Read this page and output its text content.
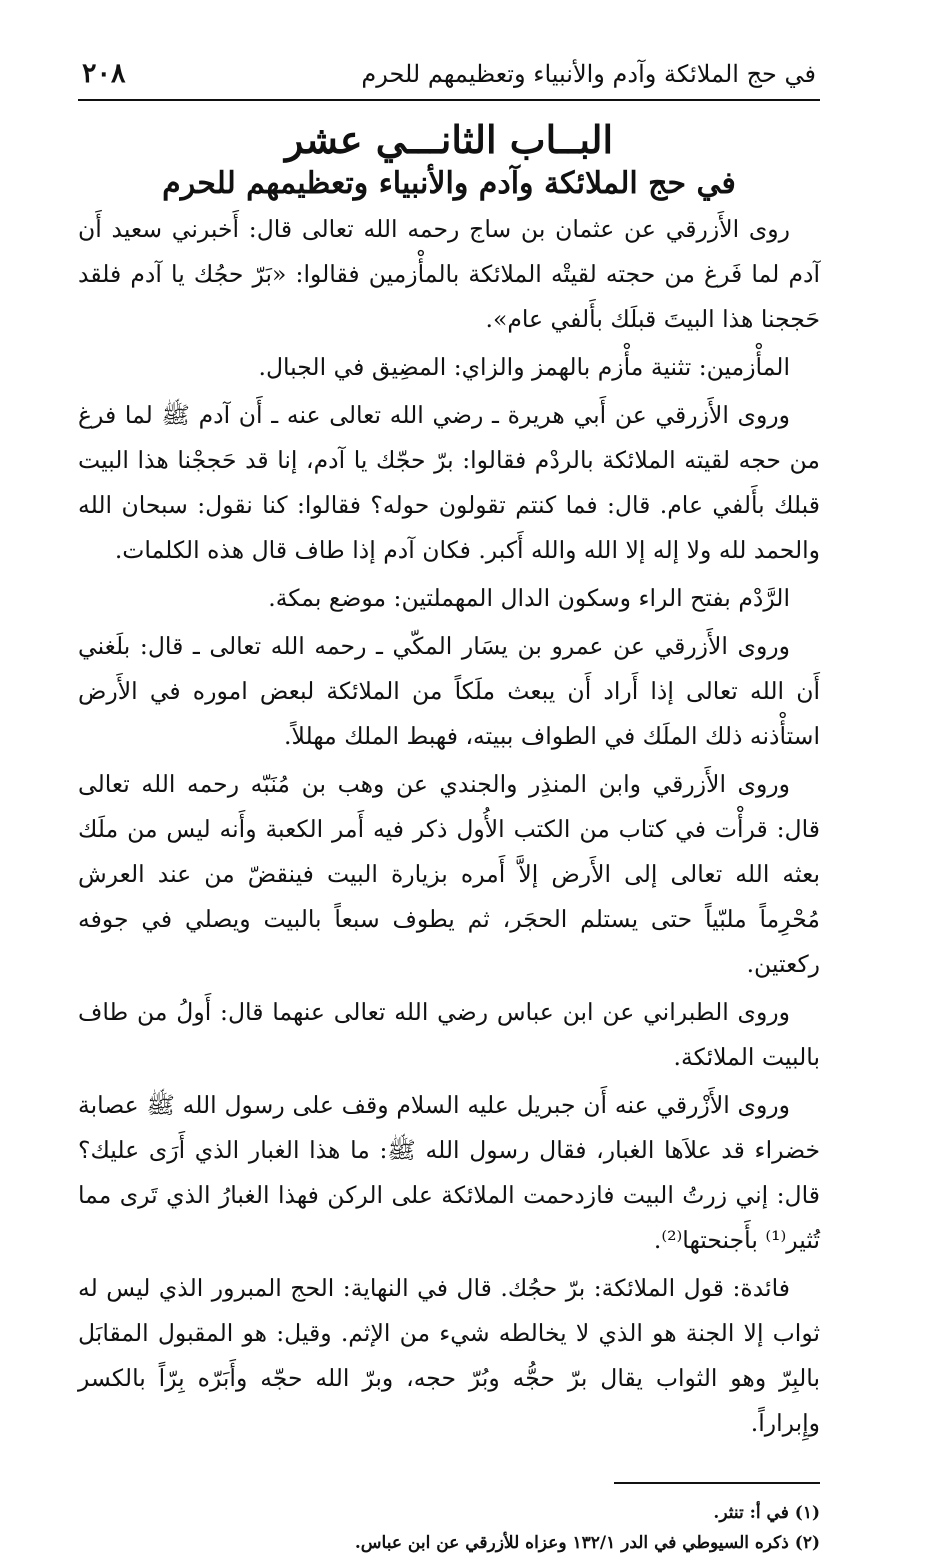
في حج الملائكة وآدم والأنبياء وتعظيمهم للحرم
٢٠٨
البــاب الثانـــي عشر
في حج الملائكة وآدم والأنبياء وتعظيمهم للحرم

روى الأَزرقي عن عثمان بن ساج رحمه الله تعالى قال: أَخبرني سعيد أَن آدم لما فَرغ من حجته لقيتْه الملائكة بالمأْزمين فقالوا: «بَرّ حجُك يا آدم فلقد حَججنا هذا البيتَ قبلَك بأَلفي عام».

المأْزمين: تثنية مأْزم بالهمز والزاي: المضِيق في الجبال.

وروى الأَزرقي عن أَبي هريرة ـ رضي الله تعالى عنه ـ أَن آدم ﷺ لما فرغ من حجه لقيته الملائكة بالردْم فقالوا: برّ حجّك يا آدم، إنا قد حَججْنا هذا البيت قبلك بأَلفي عام. قال: فما كنتم تقولون حوله؟ فقالوا: كنا نقول: سبحان الله والحمد لله ولا إله إلا الله والله أَكبر. فكان آدم إذا طاف قال هذه الكلمات.

الرَّدْم بفتح الراء وسكون الدال المهملتين: موضع بمكة.

وروى الأَزرقي عن عمرو بن يسَار المكّي ـ رحمه الله تعالى ـ قال: بلَغني أَن الله تعالى إذا أَراد أَن يبعث ملَكاً من الملائكة لبعض اموره في الأَرض استأْذنه ذلك الملَك في الطواف ببيته، فهبط الملك مهللاً.

وروى الأَزرقي وابن المنذِر والجندي عن وهب بن مُنَبّه رحمه الله تعالى قال: قرأْت في كتاب من الكتب الأُول ذكر فيه أَمر الكعبة وأَنه ليس من ملَك بعثه الله تعالى إلى الأَرض إلاَّ أَمره بزيارة البيت فينقضّ من عند العرش مُحْرِماً ملبّياً حتى يستلم الحجَر، ثم يطوف سبعاً بالبيت ويصلي في جوفه ركعتين.

وروى الطبراني عن ابن عباس رضي الله تعالى عنهما قال: أَولُ من طاف بالبيت الملائكة.

وروى الأَزْرقي عنه أَن جبريل عليه السلام وقف على رسول الله ﷺ عصابة خضراء قد علاَها الغبار، فقال رسول الله ﷺ: ما هذا الغبار الذي أَرَى عليك؟ قال: إني زرتُ البيت فازدحمت الملائكة على الركن فهذا الغبارُ الذي تَرى مما تُثير⁽¹⁾ بأَجنحتها⁽²⁾.

فائدة: قول الملائكة: برّ حجُك. قال في النهاية: الحج المبرور الذي ليس له ثواب إلا الجنة هو الذي لا يخالطه شيء من الإثم. وقيل: هو المقبول المقابَل بالبِرّ وهو الثواب يقال برّ حجُّه وبُرّ حجه، وبرّ الله حجّه وأَبَرّه بِرّاً بالكسر وإِبراراً.

(١) في أ: تنثر.

(٢) ذكره السيوطي في الدر ١٣٢/١ وعزاه للأزرقي عن ابن عباس.
